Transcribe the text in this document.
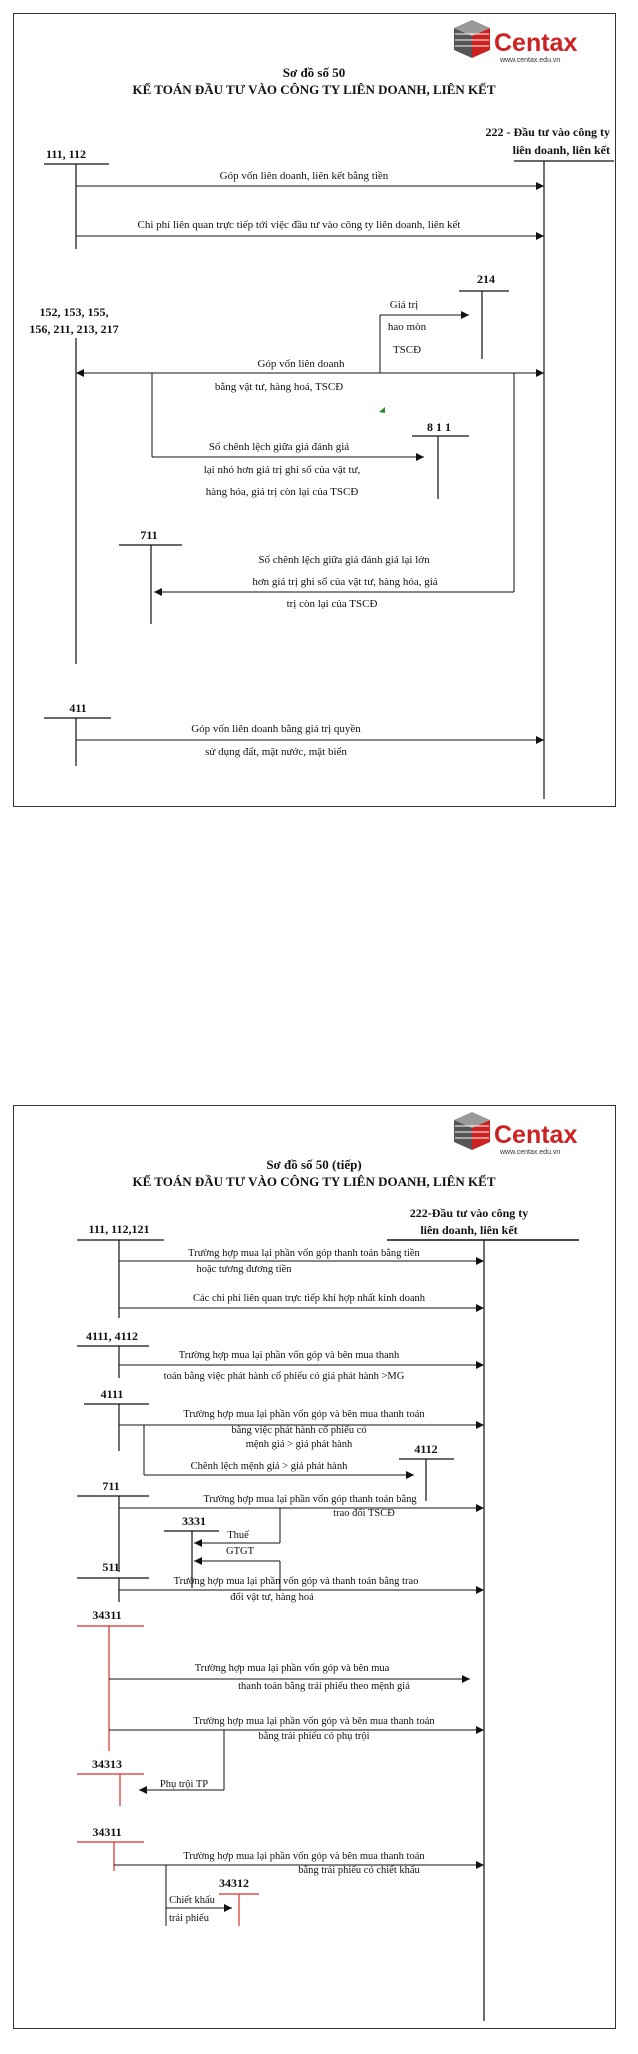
Centax
www.centax.edu.vn
Sơ đồ số 50
KẾ TOÁN ĐẦU TƯ VÀO CÔNG TY LIÊN DOANH, LIÊN KẾT
222 - Đầu tư vào công ty
liên doanh, liên kết
111, 112
Góp vốn liên doanh, liên kết bằng tiền
Chi phí liên quan trực tiếp tới việc đầu tư vào công ty liên doanh, liên kết
152, 153, 155,
156, 211, 213, 217
214
Giá trị
hao mòn
TSCĐ
Góp vốn liên doanh
bằng vật tư, hàng hoá, TSCĐ
8 1 1
Số chênh lệch giữa giá đánh giá
lại nhỏ hơn giá trị ghi sổ của vật tư,
hàng hóa, giá trị còn lại của TSCĐ
711
Số chênh lệch giữa giá đánh giá lại lớn
hơn giá trị ghi sổ của vật tư, hàng hóa, giá
trị còn lại của TSCĐ
411
Góp vốn liên doanh bằng giá trị quyền
sử dụng đất, mặt nước, mặt biển
Centax
www.centax.edu.vn
Sơ đồ số 50 (tiếp)
KẾ TOÁN ĐẦU TƯ VÀO CÔNG TY LIÊN DOANH, LIÊN KẾT
222-Đầu tư vào công ty
liên doanh, liên kết
111, 112,121
Trường hợp mua lại phần vốn góp thanh toán bằng tiền
hoặc tương đương tiền
Các chi phí liên quan trực tiếp khi hợp nhất kinh doanh
4111, 4112
Trường hợp mua lại phần vốn góp và bên mua thanh
toán bằng việc phát hành cổ phiếu có giá phát hành >MG
4111
Trường hợp mua lại phần vốn góp và bên mua thanh toán
bằng việc phát hành cổ phiếu có
mệnh giá > giá phát hành	4112
Chênh lệch mệnh giá > giá phát hành
711
Trường hợp mua lại phần vốn góp thanh toán bằng
trao đổi TSCĐ
3331
Thuế
GTGT
511
Trường hợp mua lại phần vốn góp và thanh toán bằng trao
đổi vật tư, hàng hoá
34311
Trường hợp mua lại phần vốn góp và bên mua
thanh toán bằng trái phiếu theo mệnh giá
Trường hợp mua lại phần vốn góp và bên mua thanh toán
bằng trái phiếu có phụ trội
34313
Phụ trội TP
34311
Trường hợp mua lại phần vốn góp và bên mua thanh toán
bằng trái phiếu có chiết khấu
34312
Chiết khấu
trái phiếu
